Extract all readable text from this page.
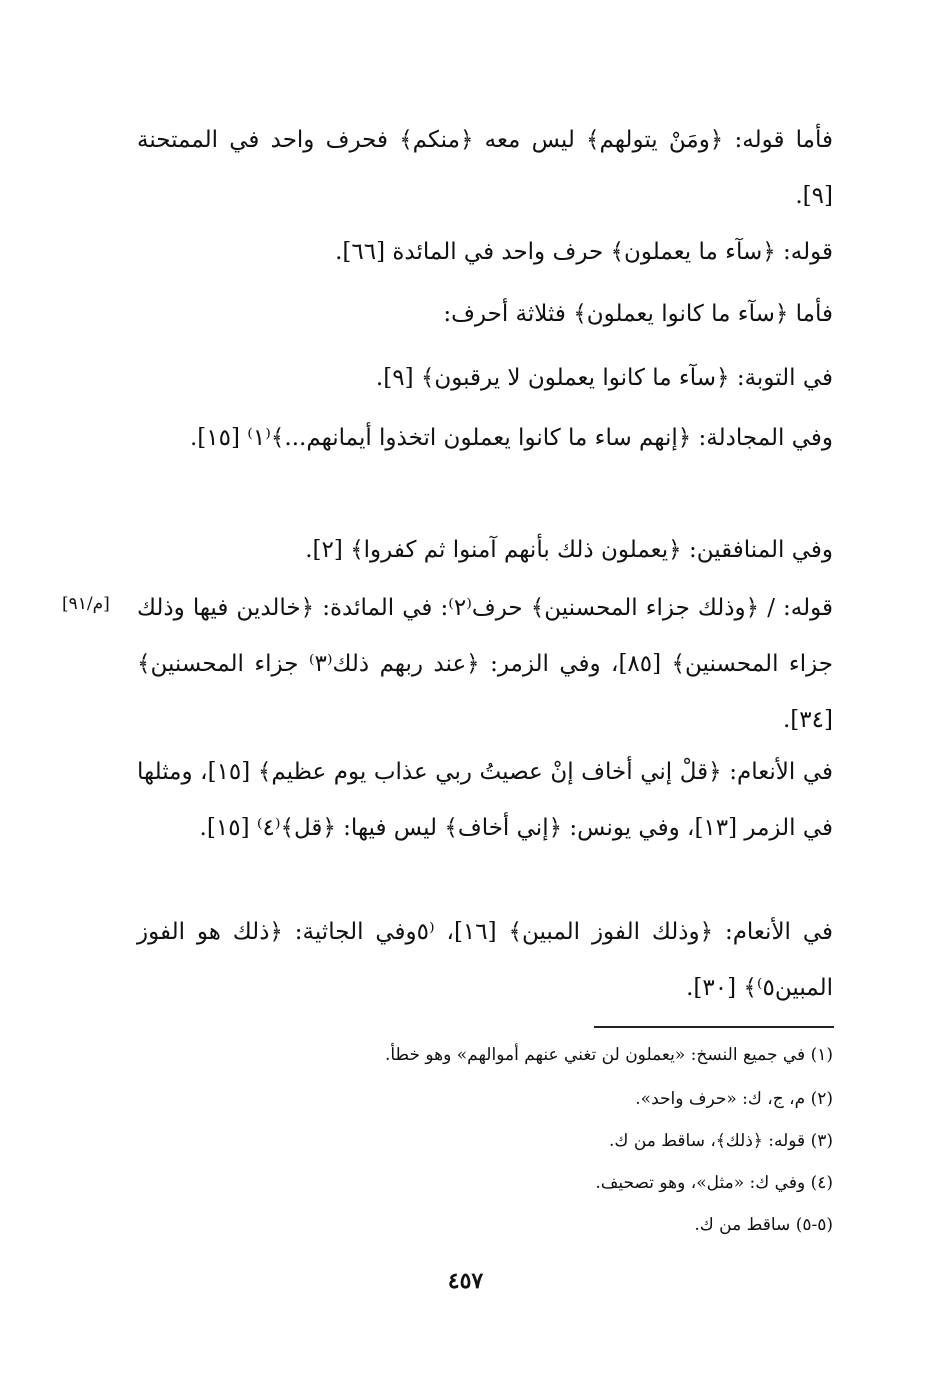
فأما قوله: ﴿ومَنْ يتولهم﴾ ليس معه ﴿منكم﴾ فحرف واحد في الممتحنة [٩].
قوله: ﴿سآء ما يعملون﴾ حرف واحد في المائدة [٦٦].
فأما ﴿سآء ما كانوا يعملون﴾ فثلاثة أحرف:
في التوبة: ﴿سآء ما كانوا يعملون لا يرقبون﴾ [٩].
وفي المجادلة: ﴿إنهم ساء ما كانوا يعملون اتخذوا أيمانهم...﴾⁽١⁾ [١٥].
وفي المنافقين: ﴿يعملون ذلك بأنهم آمنوا ثم كفروا﴾ [٢].
قوله: / ﴿وذلك جزاء المحسنين﴾ حرف⁽٢⁾: في المائدة: ﴿خالدين فيها وذلك جزاء المحسنين﴾ [٨٥]، وفي الزمر: ﴿عند ربهم ذلك⁽٣⁾ جزاء المحسنين﴾ [٣٤].
[م/٩١]
في الأنعام: ﴿قلْ إني أخاف إنْ عصيتُ ربي عذاب يوم عظيم﴾ [١٥]، ومثلها في الزمر [١٣]، وفي يونس: ﴿إني أخاف﴾ ليس فيها: ﴿قل﴾⁽٤⁾ [١٥].
في الأنعام: ﴿وذلك الفوز المبين﴾ [١٦]، ⁽٥وفي الجاثية: ﴿ذلك هو الفوز المبين٥⁾﴾ [٣٠].
(١) في جميع النسخ: «يعملون لن تغني عنهم أموالهم» وهو خطأ.
(٢) م، ج، ك: «حرف واحد».
(٣) قوله: ﴿ذلك﴾، ساقط من ك.
(٤) وفي ك: «مثل»، وهو تصحيف.
(٥-٥) ساقط من ك.
٤٥٧
